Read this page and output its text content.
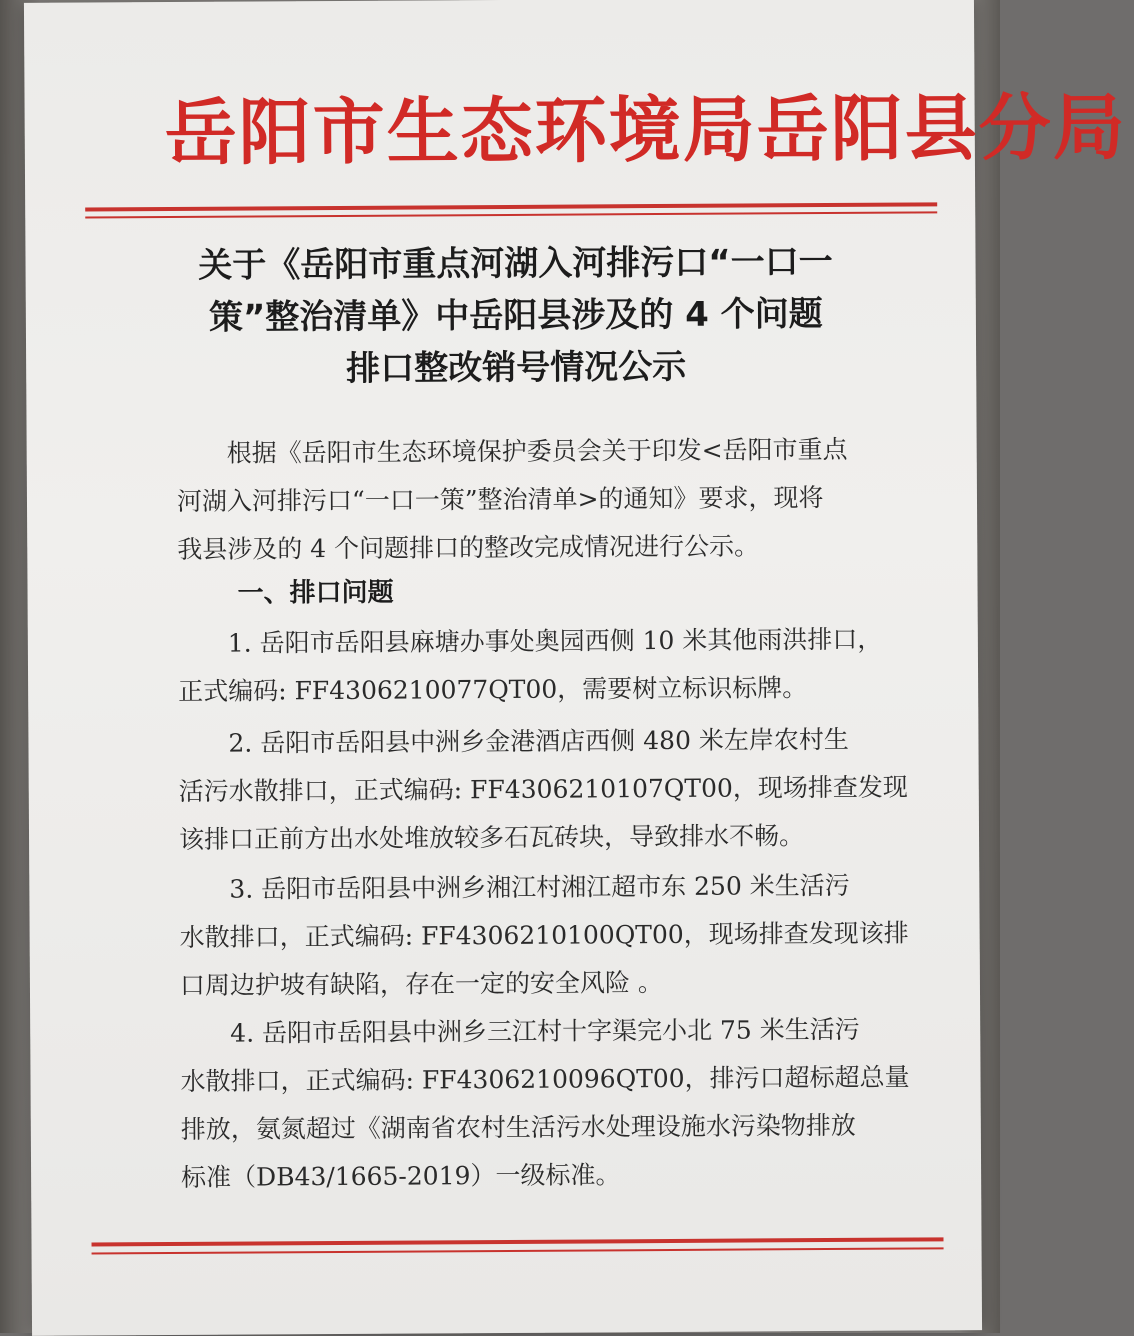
岳阳市生态环境局岳阳县分局
关于《岳阳市重点河湖入河排污口“一口一
策”整治清单》中岳阳县涉及的 4 个问题
排口整改销号情况公示
根据《岳阳市生态环境保护委员会关于印发<岳阳市重点
河湖入河排污口“一口一策”整治清单>的通知》要求，现将
我县涉及的 4 个问题排口的整改完成情况进行公示。
一、排口问题
1. 岳阳市岳阳县麻塘办事处奥园西侧 10 米其他雨洪排口，
正式编码: FF4306210077QT00，需要树立标识标牌。
2. 岳阳市岳阳县中洲乡金港酒店西侧 480 米左岸农村生
活污水散排口，正式编码: FF4306210107QT00，现场排查发现
该排口正前方出水处堆放较多石瓦砖块，导致排水不畅。
3. 岳阳市岳阳县中洲乡湘江村湘江超市东 250 米生活污
水散排口，正式编码: FF4306210100QT00，现场排查发现该排
口周边护坡有缺陷，存在一定的安全风险 。
4. 岳阳市岳阳县中洲乡三江村十字渠完小北 75 米生活污
水散排口，正式编码: FF4306210096QT00，排污口超标超总量
排放，氨氮超过《湖南省农村生活污水处理设施水污染物排放
标准（DB43/1665-2019）一级标准。
